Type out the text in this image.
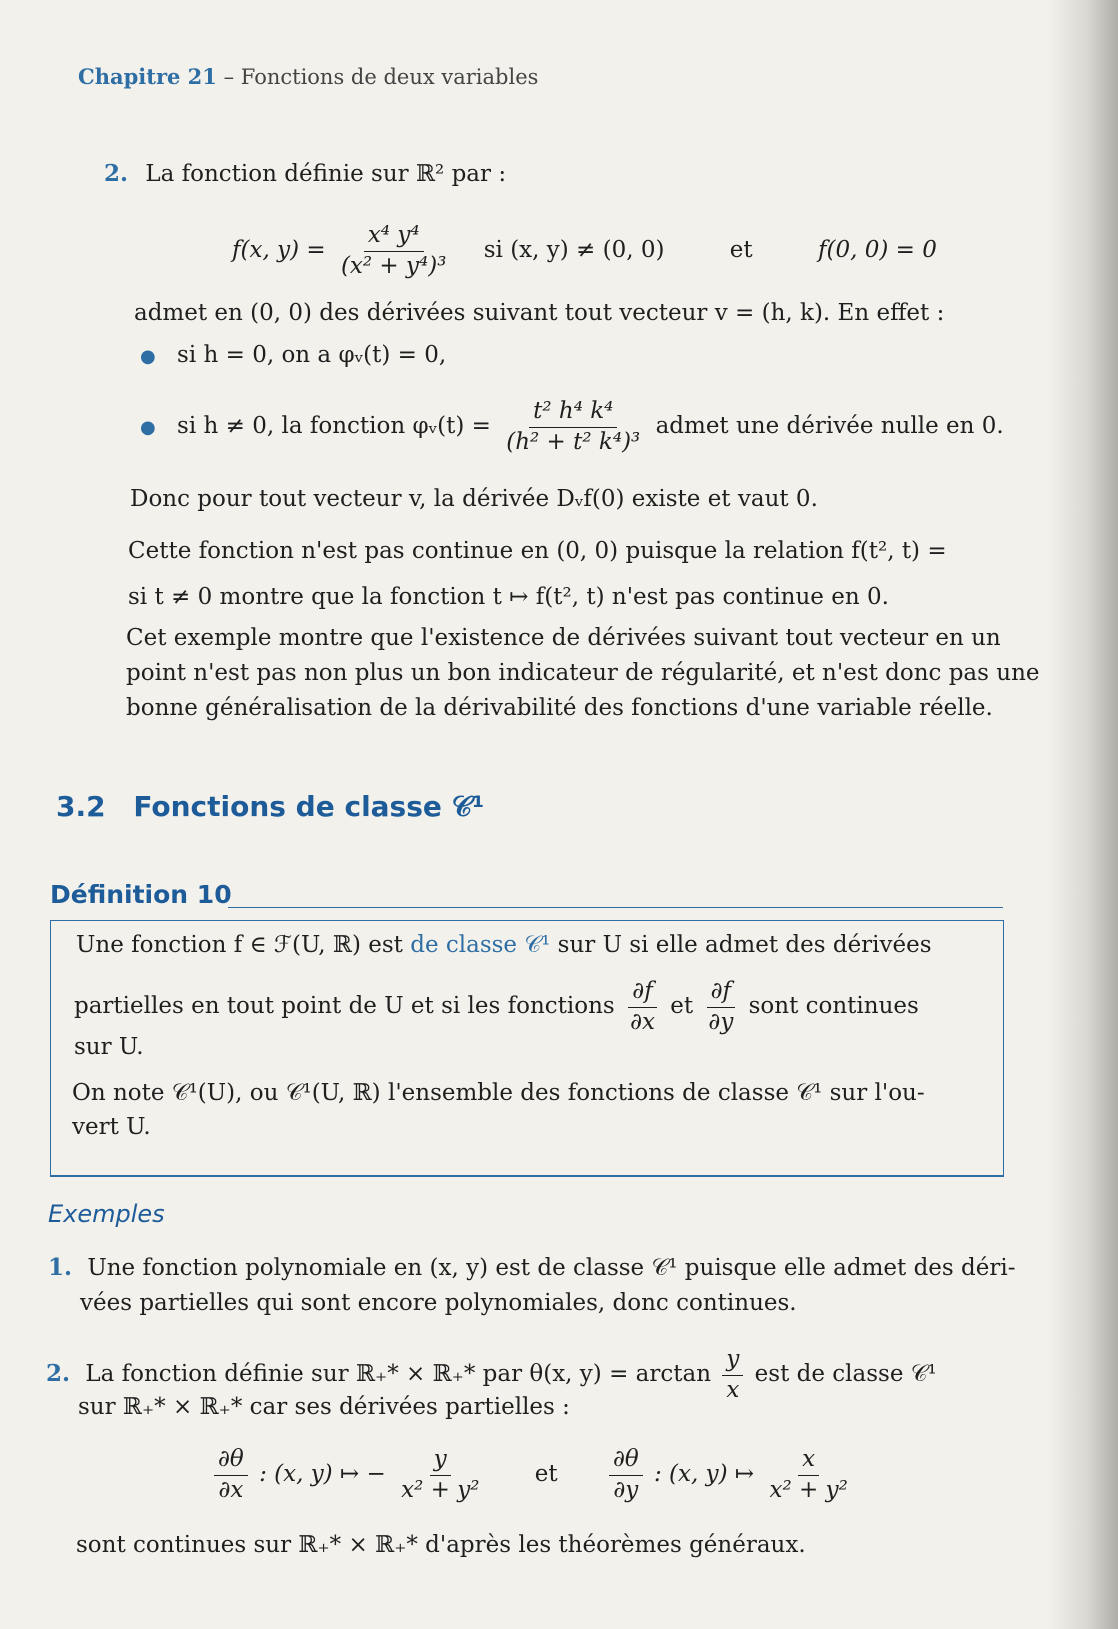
Chapitre 21 – Fonctions de deux variables
2. La fonction définie sur ℝ² par :
f(x, $y) = \frac{\text{x⁴ y⁴}}{\text{(x² + y⁴)³}}$ si (x, y) ≠ (0, 0)	et	f(0, 0) = 0
admet en (0, 0) des dérivées suivant tout vecteur v = (h, k). En effet :
● si h = 0, on a φᵥ(t) = 0,
● si h ≠ 0, la fonction φᵥ(t) = $\frac{\text{t² h⁴ k⁴}}{\text{(h² + t² k⁴)³}}$ admet une dérivée nulle en 0.
Donc pour tout vecteur v, la dérivée Dᵥf(0) existe et vaut 0.
Cette fonction n'est pas continue en (0, 0) puisque la relation f(t², t) =
si t ≠ 0 montre que la fonction t ↦ f(t², t) n'est pas continue en 0.
Cet exemple montre que l'existence de dérivées suivant tout vecteur en un
point n'est pas non plus un bon indicateur de régularité, et n'est donc pas une
bonne généralisation de la dérivabilité des fonctions d'une variable réelle.
3.2 Fonctions de classe 𝒞¹
Définition 10
Une fonction f ∈ ℱ(U, ℝ) est de classe 𝒞¹ sur U si elle admet des dérivées
partielles en tout point de U et si les fonctions $\frac{\partial f}{\partial x}$ et $\frac{\partial f}{\partial y}$ sont continues
sur U.
On note 𝒞¹(U), ou 𝒞¹(U, ℝ) l'ensemble des fonctions de classe 𝒞¹ sur l'ou-
vert U.
Exemples
1. Une fonction polynomiale en (x, y) est de classe 𝒞¹ puisque elle admet des déri-
vées partielles qui sont encore polynomiales, donc continues.
2. La fonction définie sur ℝ₊* × ℝ₊* par θ(x, $y) = \arctan \frac{y}{x}$ est de classe 𝒞¹
sur ℝ₊* × ℝ₊* car ses dérivées partielles :
$\frac{\partial\theta}{\partial x}$ : (x, y) ↦ − $\frac{y}{\text{x² + y²}}$ et $\frac{\partial\theta}{\partial y}$ : (x, y) ↦ $\frac{x}{\text{x² + y²}}$
sont continues sur ℝ₊* × ℝ₊* d'après les théorèmes généraux.
